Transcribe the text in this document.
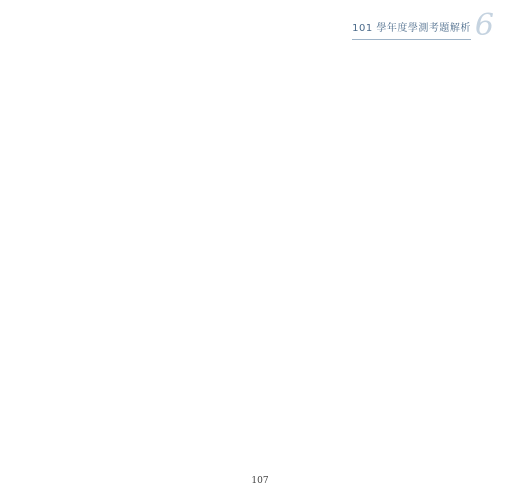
101 學年度學測考題解析 6
107
